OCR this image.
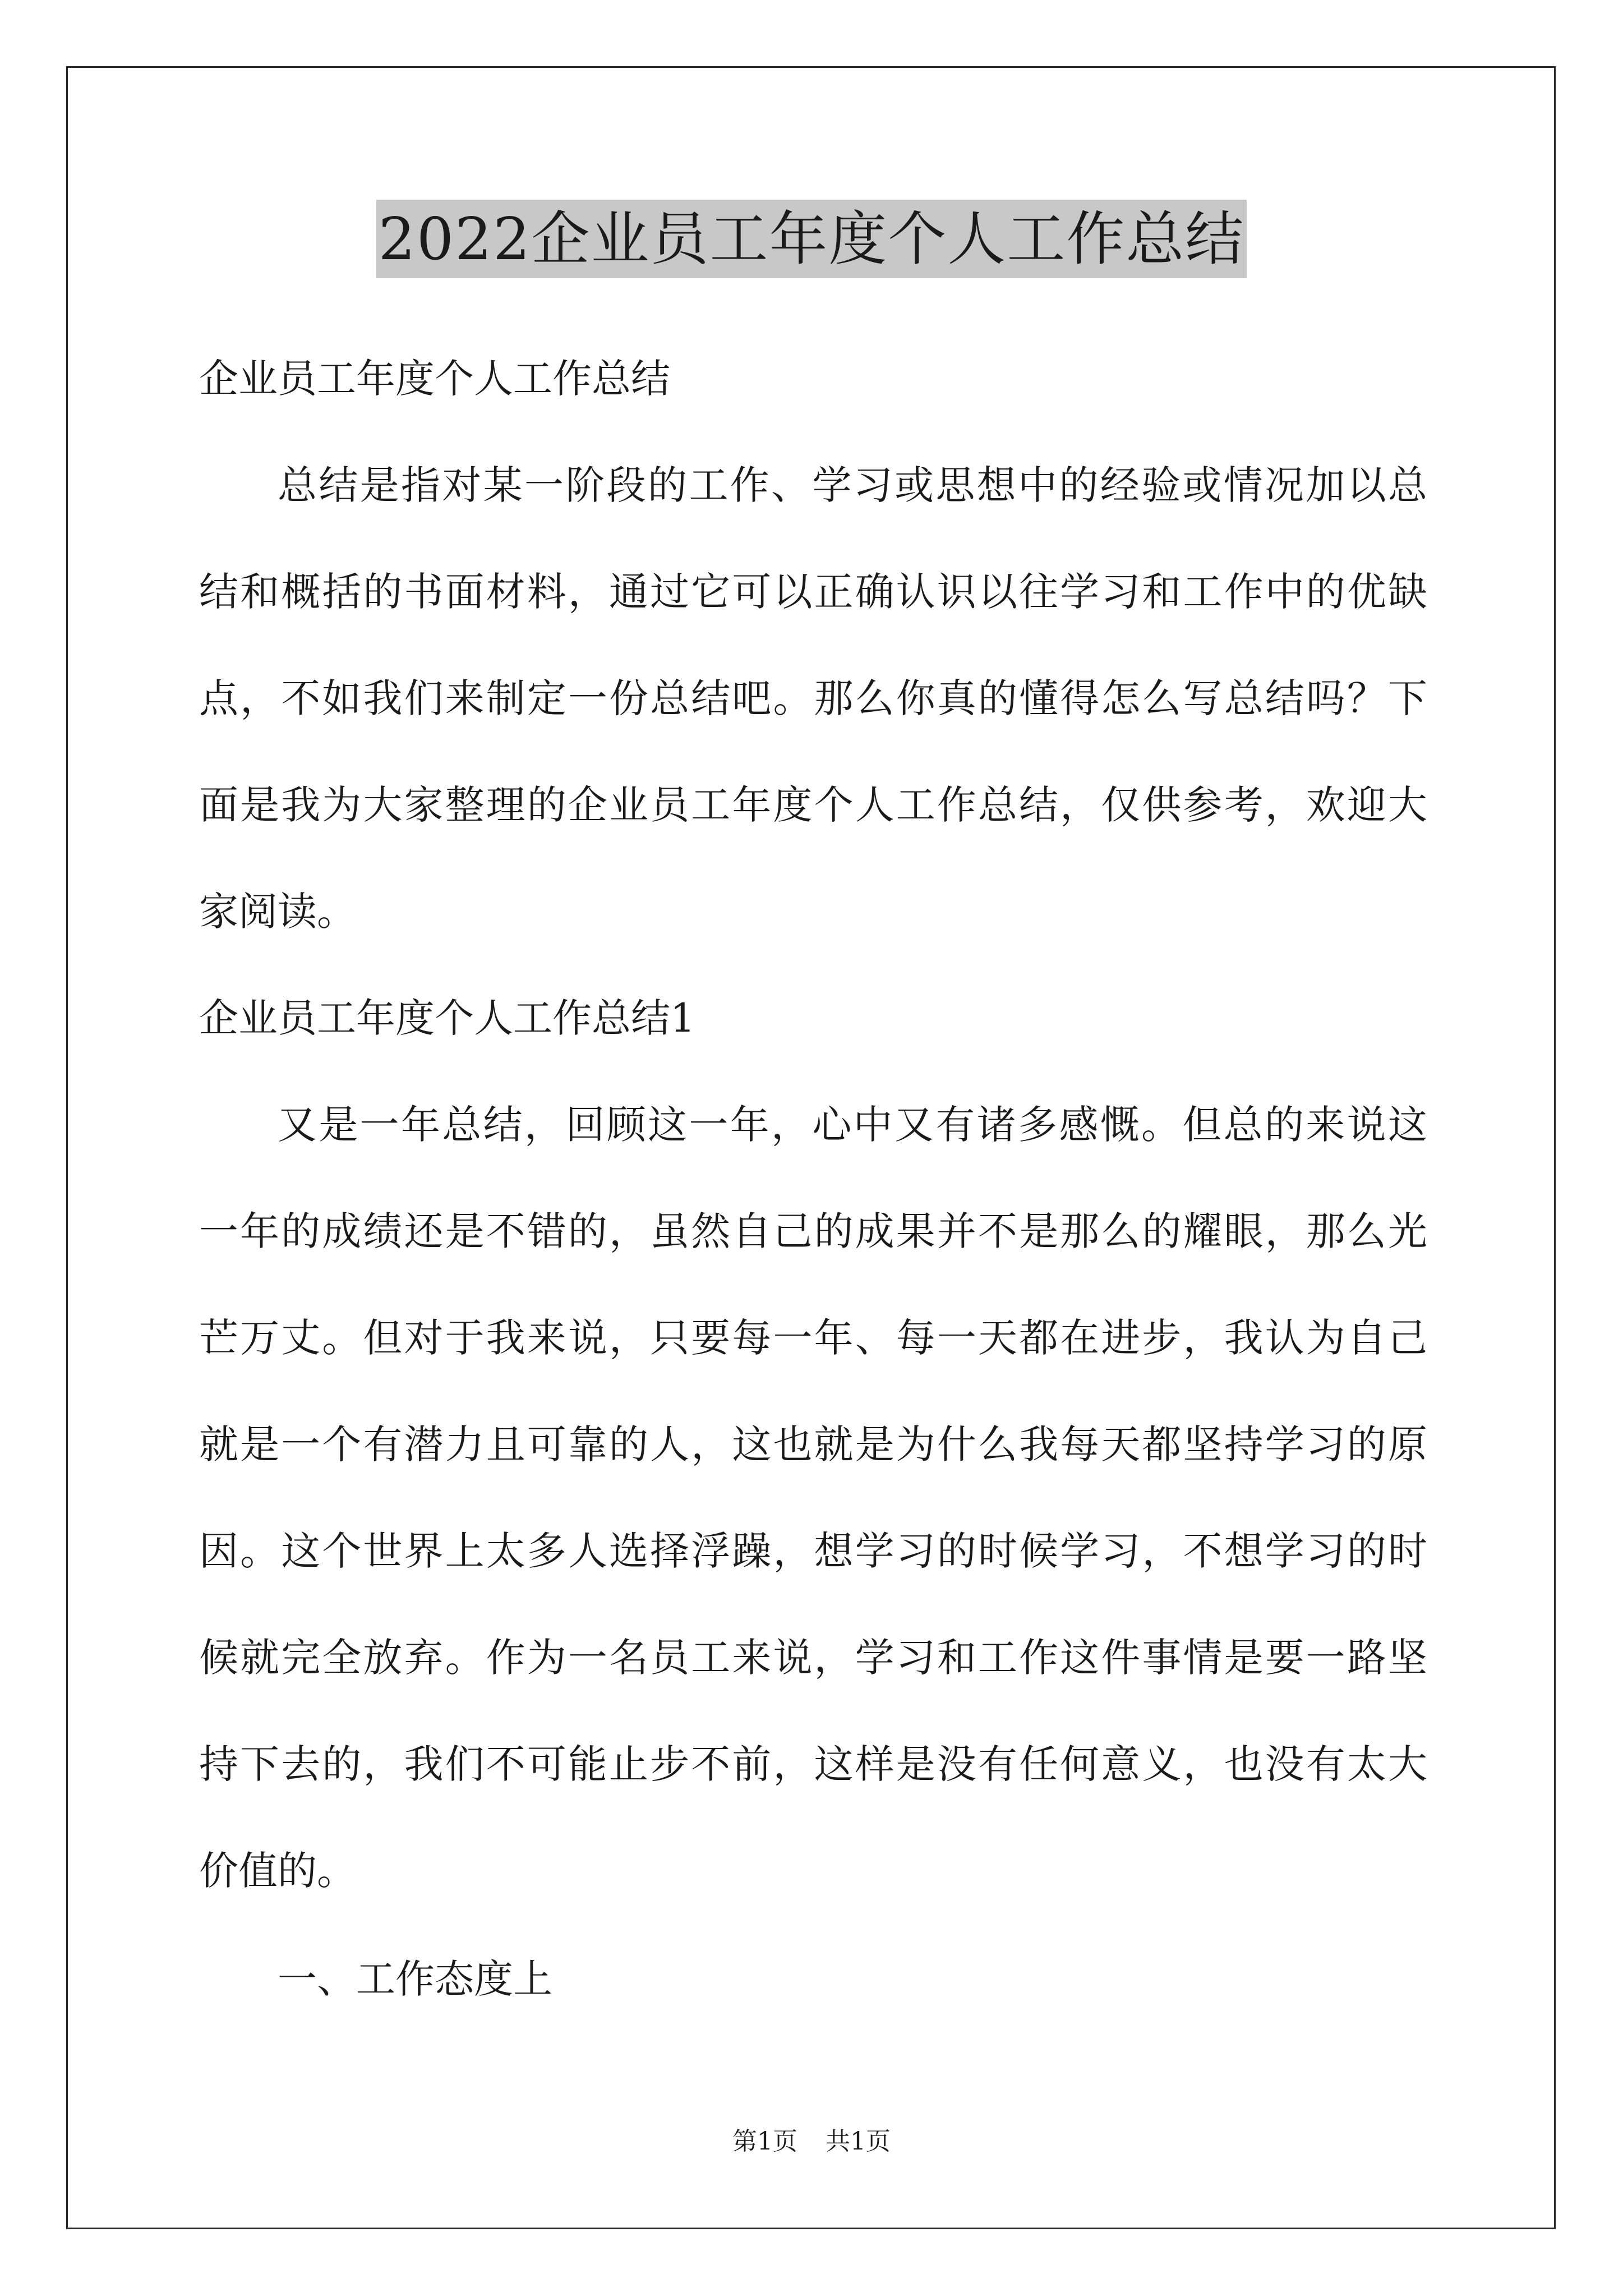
2022企业员工年度个人工作总结
企业员工年度个人工作总结
总结是指对某一阶段的工作、学习或思想中的经验或情况加以总
结和概括的书面材料，通过它可以正确认识以往学习和工作中的优缺
点，不如我们来制定一份总结吧。那么你真的懂得怎么写总结吗？下
面是我为大家整理的企业员工年度个人工作总结，仅供参考，欢迎大
家阅读。
企业员工年度个人工作总结1
又是一年总结，回顾这一年，心中又有诸多感慨。但总的来说这
一年的成绩还是不错的，虽然自己的成果并不是那么的耀眼，那么光
芒万丈。但对于我来说，只要每一年、每一天都在进步，我认为自己
就是一个有潜力且可靠的人，这也就是为什么我每天都坚持学习的原
因。这个世界上太多人选择浮躁，想学习的时候学习，不想学习的时
候就完全放弃。作为一名员工来说，学习和工作这件事情是要一路坚
持下去的，我们不可能止步不前，这样是没有任何意义，也没有太大
价值的。
一、工作态度上
第1页 共1页
